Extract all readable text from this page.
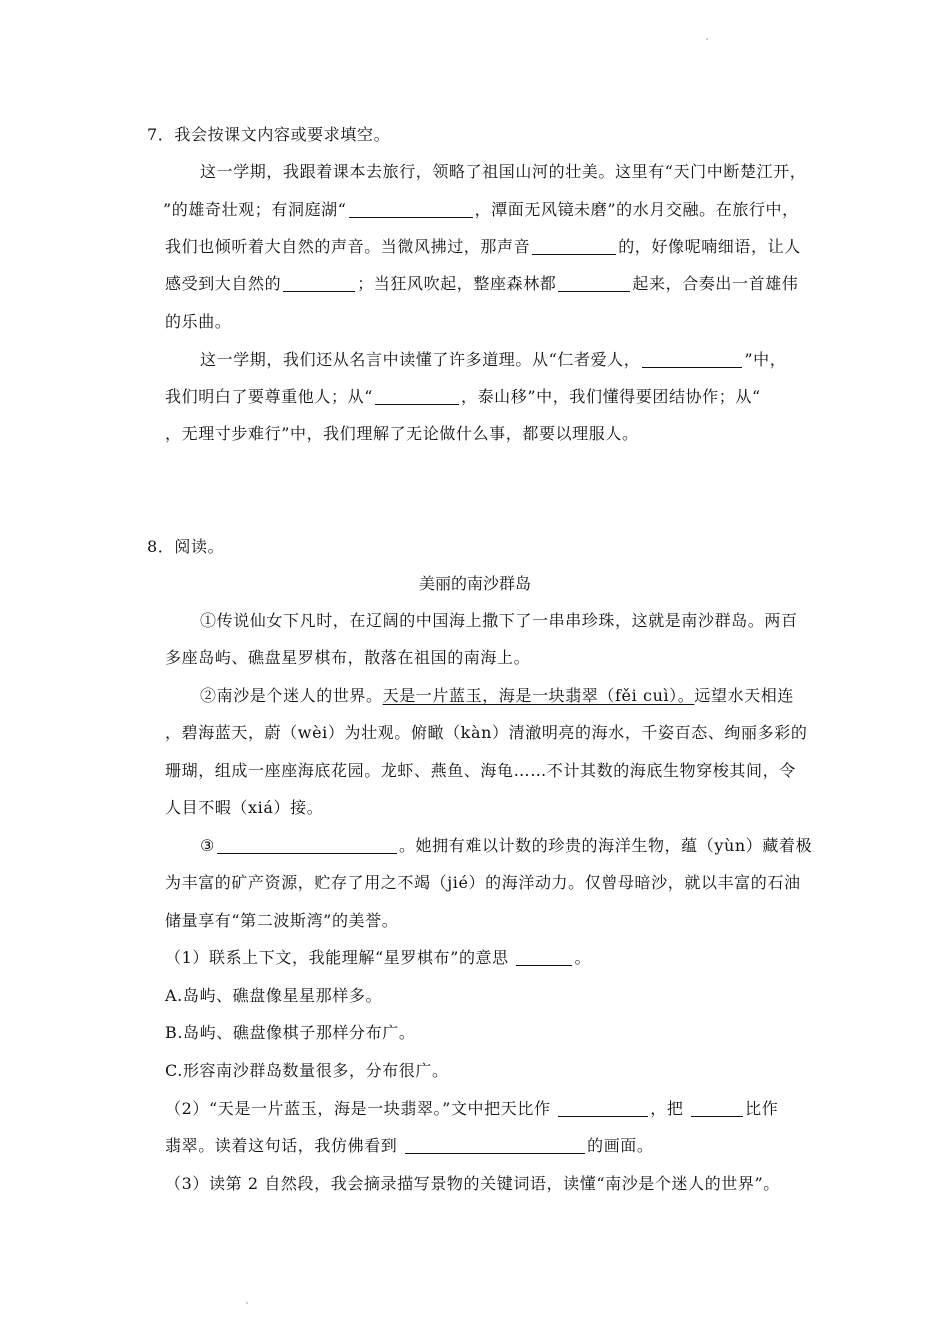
7．我会按课文内容或要求填空。
这一学期，我跟着课本去旅行，领略了祖国山河的壮美。这里有“天门中断楚江开，
”的雄奇壮观；有洞庭湖“	，潭面无风镜未磨”的水月交融。在旅行中，
我们也倾听着大自然的声音。当微风拂过，那声音	的，好像呢喃细语，让人
感受到大自然的	；当狂风吹起，整座森林都	起来，合奏出一首雄伟
的乐曲。
这一学期，我们还从名言中读懂了许多道理。从“仁者爱人，	”中，
我们明白了要尊重他人；从“	，泰山移”中，我们懂得要团结协作；从“
，无理寸步难行”中，我们理解了无论做什么事，都要以理服人。
8．阅读。
美丽的南沙群岛
①传说仙女下凡时，在辽阔的中国海上撒下了一串串珍珠，这就是南沙群岛。两百
多座岛屿、礁盘星罗棋布，散落在祖国的南海上。
②南沙是个迷人的世界。天是一片蓝玉，海是一块翡翠（fěi cuì）。远望水天相连
，碧海蓝天，蔚（wèi）为壮观。俯瞰（kàn）清澈明亮的海水，千姿百态、绚丽多彩的
珊瑚，组成一座座海底花园。龙虾、燕鱼、海龟……不计其数的海底生物穿梭其间，令
人目不暇（xiá）接。
③	。她拥有难以计数的珍贵的海洋生物，蕴（yùn）藏着极
为丰富的矿产资源，贮存了用之不竭（jié）的海洋动力。仅曾母暗沙，就以丰富的石油
储量享有“第二波斯湾”的美誉。
（1）联系上下文，我能理解“星罗棋布”的意思	。
A.岛屿、礁盘像星星那样多。
B.岛屿、礁盘像棋子那样分布广。
C.形容南沙群岛数量很多，分布很广。
（2）“天是一片蓝玉，海是一块翡翠。”文中把天比作	，把	比作
翡翠。读着这句话，我仿佛看到	的画面。
（3）读第 2 自然段，我会摘录描写景物的关键词语，读懂“南沙是个迷人的世界”。
